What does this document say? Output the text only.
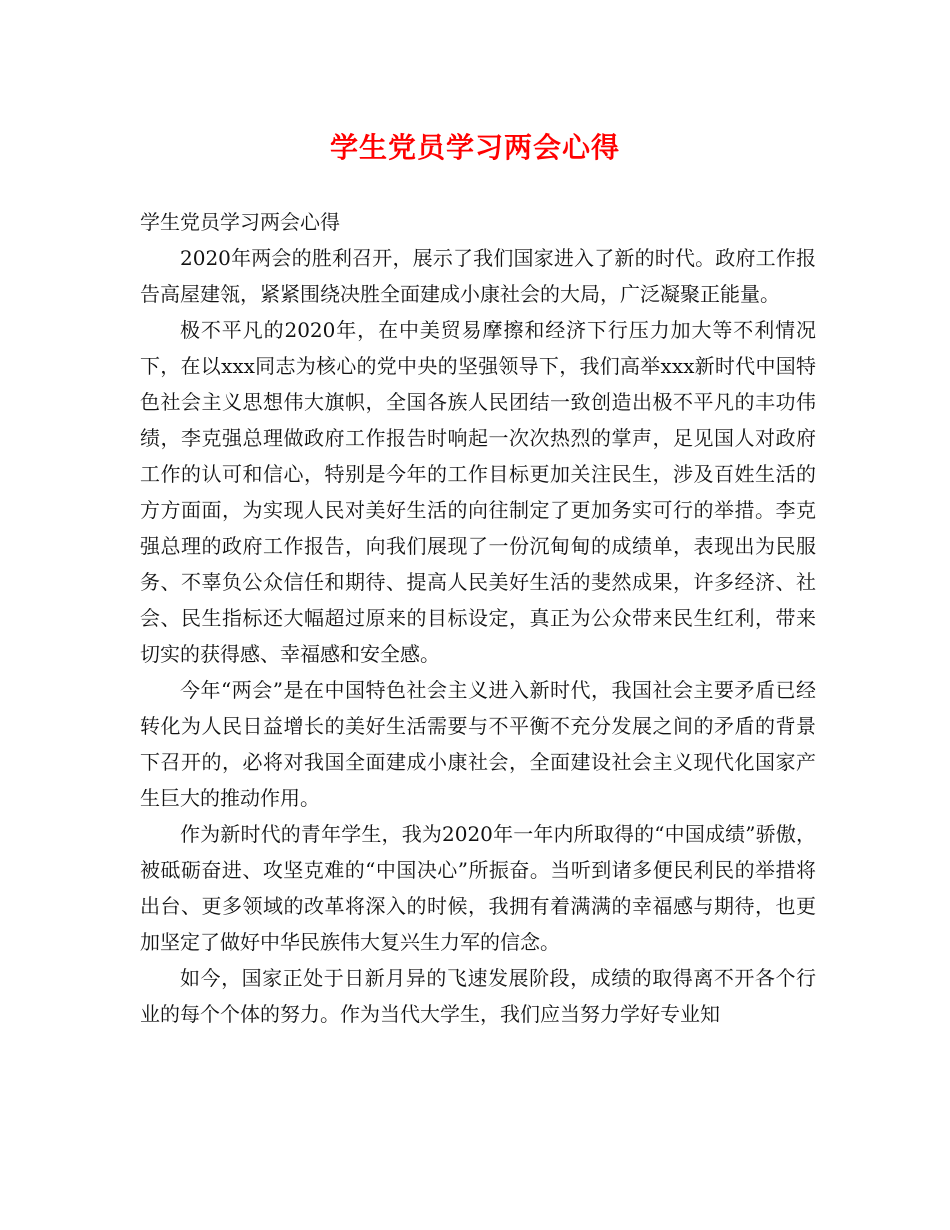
学生党员学习两会心得

学生党员学习两会心得

2020年两会的胜利召开，展示了我们国家进入了新的时代。政府工作报告高屋建瓴，紧紧围绕决胜全面建成小康社会的大局，广泛凝聚正能量。

极不平凡的2020年，在中美贸易摩擦和经济下行压力加大等不利情况下，在以xxx同志为核心的党中央的坚强领导下，我们高举xxx新时代中国特色社会主义思想伟大旗帜，全国各族人民团结一致创造出极不平凡的丰功伟绩，李克强总理做政府工作报告时响起一次次热烈的掌声，足见国人对政府工作的认可和信心，特别是今年的工作目标更加关注民生，涉及百姓生活的方方面面，为实现人民对美好生活的向往制定了更加务实可行的举措。李克强总理的政府工作报告，向我们展现了一份沉甸甸的成绩单，表现出为民服务、不辜负公众信任和期待、提高人民美好生活的斐然成果，许多经济、社会、民生指标还大幅超过原来的目标设定，真正为公众带来民生红利，带来切实的获得感、幸福感和安全感。

今年“两会”是在中国特色社会主义进入新时代，我国社会主要矛盾已经转化为人民日益增长的美好生活需要与不平衡不充分发展之间的矛盾的背景下召开的，必将对我国全面建成小康社会，全面建设社会主义现代化国家产生巨大的推动作用。

作为新时代的青年学生，我为2020年一年内所取得的“中国成绩”骄傲，被砥砺奋进、攻坚克难的“中国决心”所振奋。当听到诸多便民利民的举措将出台、更多领域的改革将深入的时候，我拥有着满满的幸福感与期待，也更加坚定了做好中华民族伟大复兴生力军的信念。

如今，国家正处于日新月异的飞速发展阶段，成绩的取得离不开各个行业的每个个体的努力。作为当代大学生，我们应当努力学好专业知
